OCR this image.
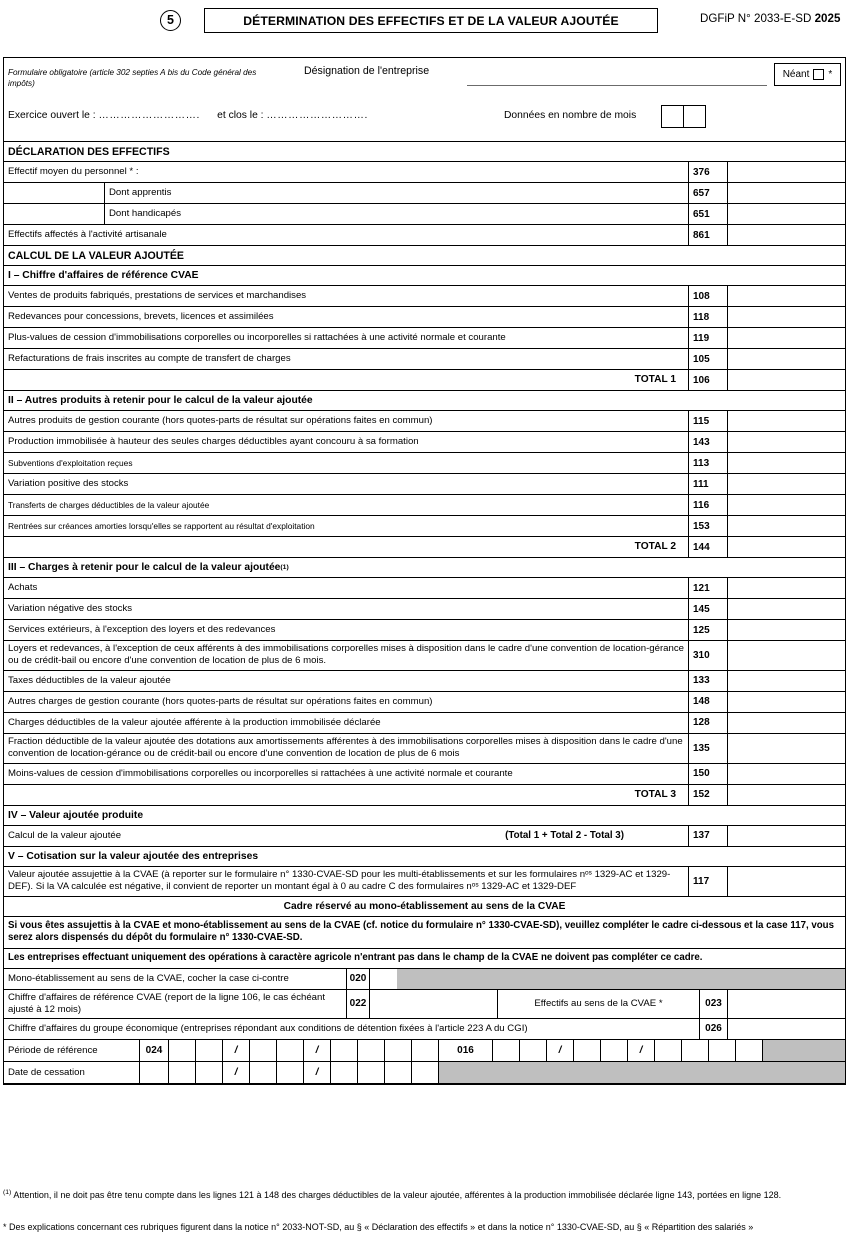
5	DÉTERMINATION DES EFFECTIFS ET DE LA VALEUR AJOUTÉE	DGFiP N° 2033-E-SD 2025
Formulaire obligatoire (article 302 septies A bis du Code général des impôts)
Désignation de l'entreprise	Néant *
Exercice ouvert le : ………………………. et clos le : ……………………….	Données en nombre de mois
DÉCLARATION DES EFFECTIFS
Effectif moyen du personnel * :	376
Dont apprentis	657
Dont handicapés	651
Effectifs affectés à l'activité artisanale	861
CALCUL DE LA VALEUR AJOUTÉE
I – Chiffre d'affaires de référence CVAE
Ventes de produits fabriqués, prestations de services et marchandises	108
Redevances pour concessions, brevets, licences et assimilées	118
Plus-values de cession d'immobilisations corporelles ou incorporelles si rattachées à une activité normale et courante	119
Refacturations de frais inscrites au compte de transfert de charges	105
TOTAL 1	106
II – Autres produits à retenir pour le calcul de la valeur ajoutée
Autres produits de gestion courante (hors quotes-parts de résultat sur opérations faites en commun)	115
Production immobilisée à hauteur des seules charges déductibles ayant concouru à sa formation	143
Subventions d'exploitation reçues	113
Variation positive des stocks	111
Transferts de charges déductibles de la valeur ajoutée	116
Rentrées sur créances amorties lorsqu'elles se rapportent au résultat d'exploitation	153
TOTAL 2	144
III – Charges à retenir pour le calcul de la valeur ajoutée (1)
Achats	121
Variation négative des stocks	145
Services extérieurs, à l'exception des loyers et des redevances	125
Loyers et redevances, à l'exception de ceux afférents à des immobilisations corporelles mises à disposition dans le cadre d'une convention de location-gérance ou de crédit-bail ou encore d'une convention de location de plus de 6 mois.	310
Taxes déductibles de la valeur ajoutée	133
Autres charges de gestion courante (hors quotes-parts de résultat sur opérations faites en commun)	148
Charges déductibles de la valeur ajoutée afférente à la production immobilisée déclarée	128
Fraction déductible de la valeur ajoutée des dotations aux amortissements afférentes à des immobilisations corporelles mises à disposition dans le cadre d'une convention de location-gérance ou de crédit-bail ou encore d'une convention de location de plus de 6 mois	135
Moins-values de cession d'immobilisations corporelles ou incorporelles si rattachées à une activité normale et courante	150
TOTAL 3	152
IV – Valeur ajoutée produite
Calcul de la valeur ajoutée	(Total 1 + Total 2 - Total 3)	137
V – Cotisation sur la valeur ajoutée des entreprises
Valeur ajoutée assujettie à la CVAE (à reporter sur le formulaire n° 1330-CVAE-SD pour les multi-établissements et sur les formulaires nᵒˢ 1329-AC et 1329-DEF). Si la VA calculée est négative, il convient de reporter un montant égal à 0 au cadre C des formulaires nᵒˢ 1329-AC et 1329-DEF	117
Cadre réservé au mono-établissement au sens de la CVAE
Si vous êtes assujettis à la CVAE et mono-établissement au sens de la CVAE (cf. notice du formulaire n° 1330-CVAE-SD), veuillez compléter le cadre ci-dessous et la case 117, vous serez alors dispensés du dépôt du formulaire n° 1330-CVAE-SD.
Les entreprises effectuant uniquement des opérations à caractère agricole n'entrant pas dans le champ de la CVAE ne doivent pas compléter ce cadre.
Mono-établissement au sens de la CVAE, cocher la case ci-contre	020
Chiffre d'affaires de référence CVAE (report de la ligne 106, le cas échéant ajusté à 12 mois)	022	Effectifs au sens de la CVAE *	023
Chiffre d'affaires du groupe économique (entreprises répondant aux conditions de détention fixées à l'article 223 A du CGI)	026
Période de référence	024	/	/	016	/	/
Date de cessation	/	/
$^{(1)}$ Attention, il ne doit pas être tenu compte dans les lignes 121 à 148 des charges déductibles de la valeur ajoutée, afférentes à la production immobilisée déclarée ligne 143, portées en ligne 128.
* Des explications concernant ces rubriques figurent dans la notice n° 2033-NOT-SD, au § « Déclaration des effectifs » et dans la notice n° 1330-CVAE-SD, au § « Répartition des salariés »
